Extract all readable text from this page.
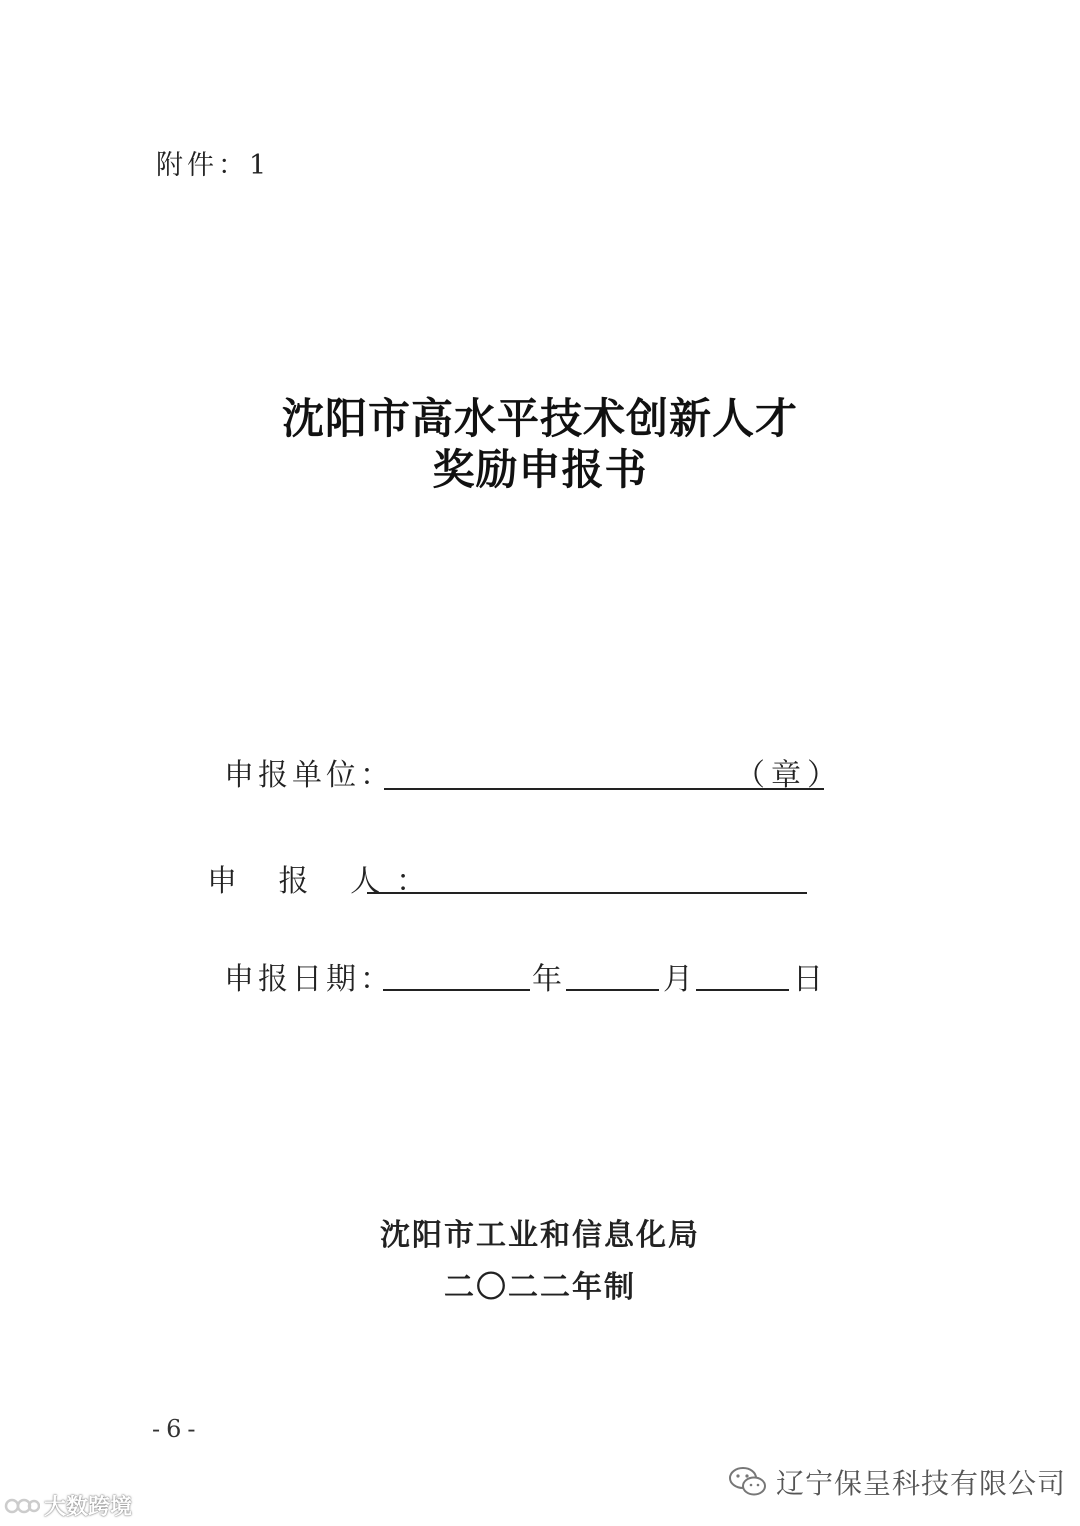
附件：1
沈阳市高水平技术创新人才
奖励申报书
申报单位：	（章）
申 报 人：
申报日期：	年	月	日
沈阳市工业和信息化局
二〇二二年制
-6-
大数跨境
辽宁保呈科技有限公司
